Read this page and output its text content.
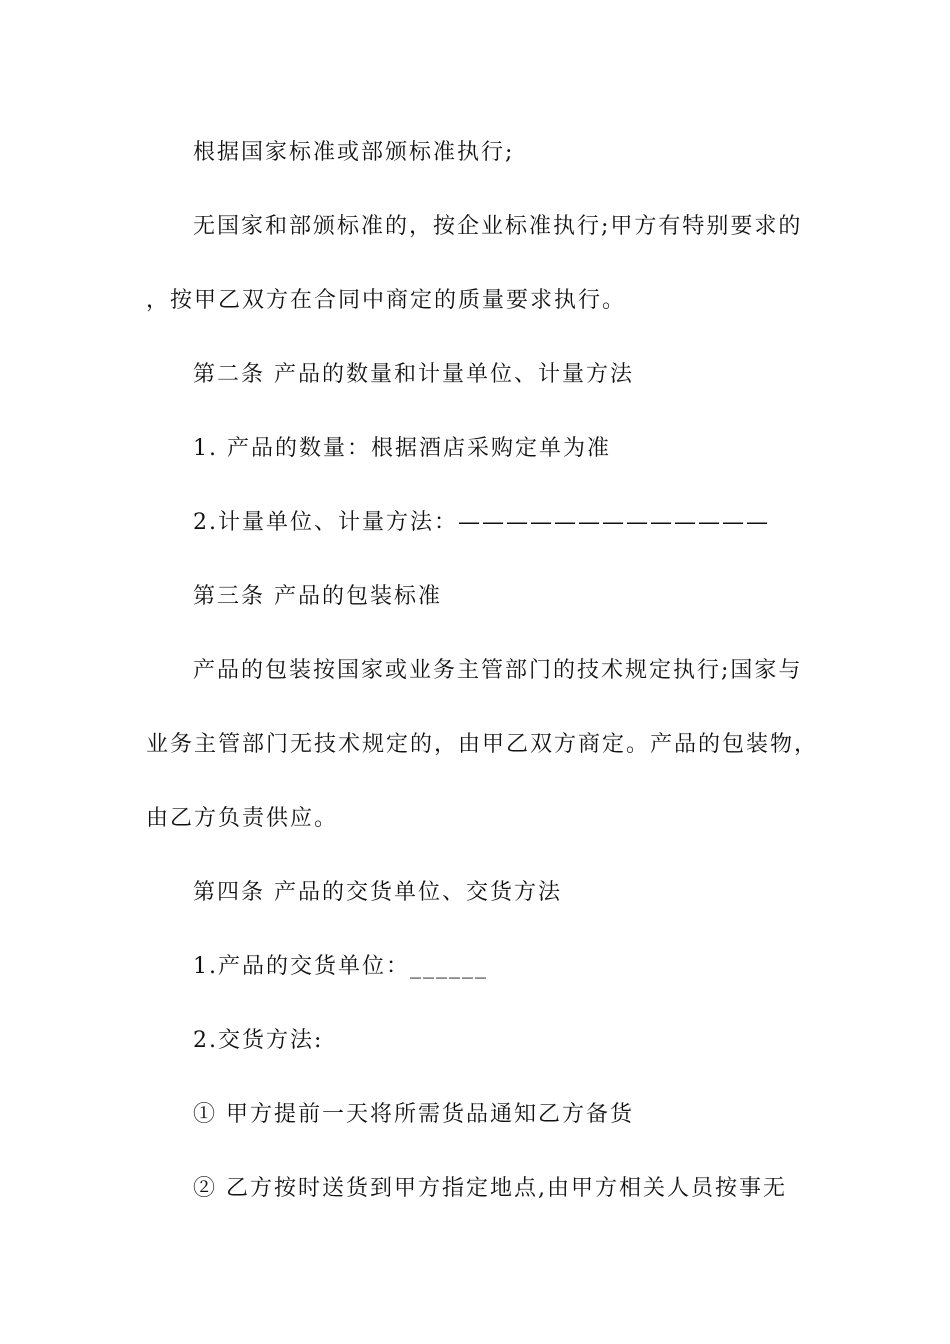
根据国家标准或部颁标准执行;
无国家和部颁标准的，按企业标准执行;甲方有特别要求的
，按甲乙双方在合同中商定的质量要求执行。
第二条 产品的数量和计量单位、计量方法
1. 产品的数量：根据酒店采购定单为准
2.计量单位、计量方法：—————————————
第三条 产品的包装标准
产品的包装按国家或业务主管部门的技术规定执行;国家与
业务主管部门无技术规定的，由甲乙双方商定。产品的包装物，
由乙方负责供应。
第四条 产品的交货单位、交货方法
1.产品的交货单位：______
2.交货方法:
① 甲方提前一天将所需货品通知乙方备货
② 乙方按时送货到甲方指定地点,由甲方相关人员按事无
